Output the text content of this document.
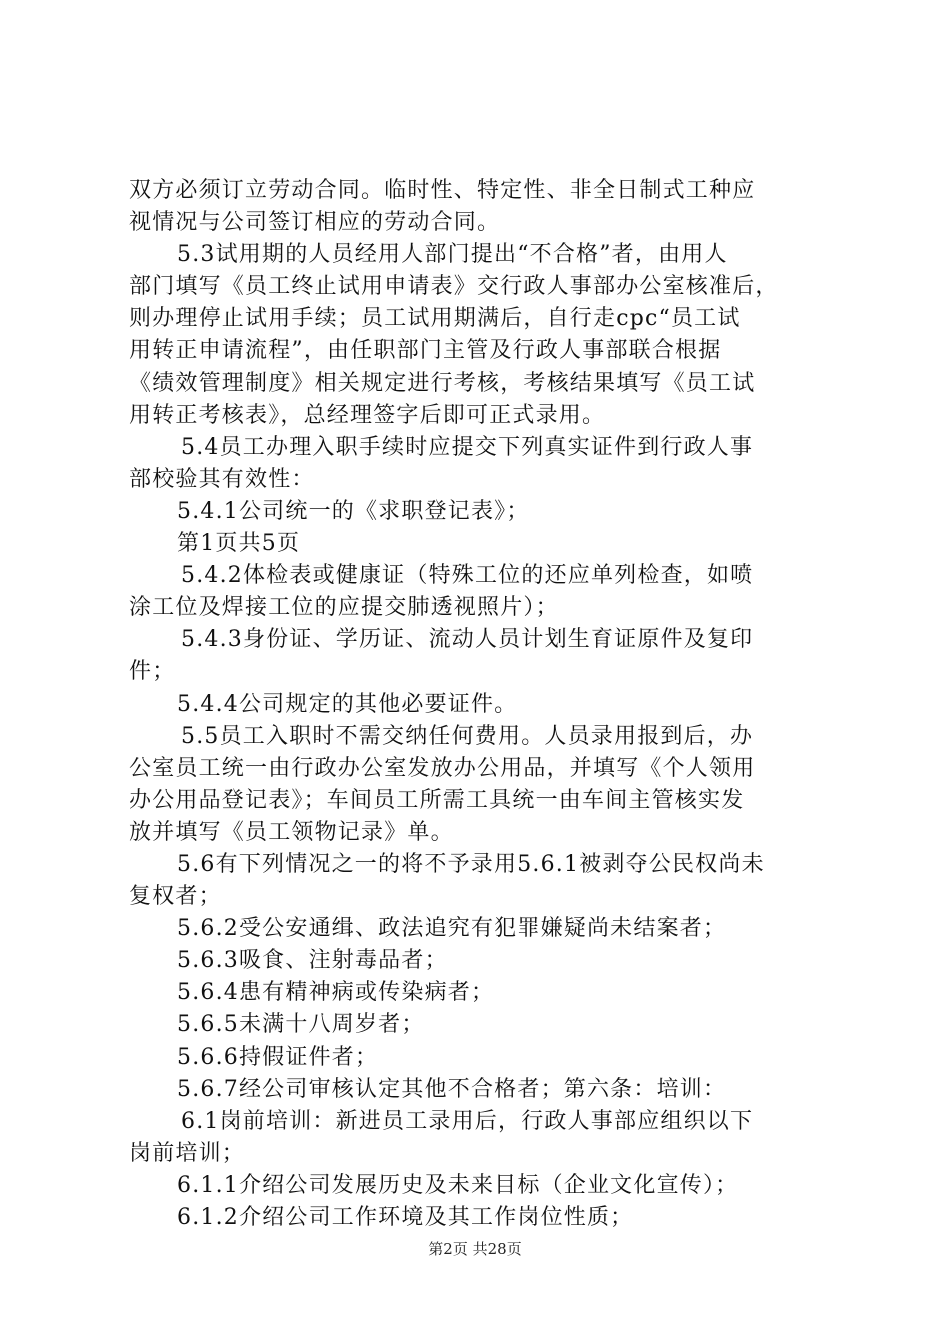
双方必须订立劳动合同。临时性、特定性、非全日制式工种应
视情况与公司签订相应的劳动合同。
5.3试用期的人员经用人部门提出“不合格”者，由用人
部门填写《员工终止试用申请表》交行政人事部办公室核准后，
则办理停止试用手续；员工试用期满后，自行走cpc“员工试
用转正申请流程”，由任职部门主管及行政人事部联合根据
《绩效管理制度》相关规定进行考核，考核结果填写《员工试
用转正考核表》，总经理签字后即可正式录用。
5.4员工办理入职手续时应提交下列真实证件到行政人事
部校验其有效性：
5.4.1公司统一的《求职登记表》；
第1页共5页
5.4.2体检表或健康证（特殊工位的还应单列检查，如喷
涂工位及焊接工位的应提交肺透视照片）；
5.4.3身份证、学历证、流动人员计划生育证原件及复印
件；
5.4.4公司规定的其他必要证件。
5.5员工入职时不需交纳任何费用。人员录用报到后，办
公室员工统一由行政办公室发放办公用品，并填写《个人领用
办公用品登记表》；车间员工所需工具统一由车间主管核实发
放并填写《员工领物记录》单。
5.6有下列情况之一的将不予录用5.6.1被剥夺公民权尚未
复权者；
5.6.2受公安通缉、政法追究有犯罪嫌疑尚未结案者；
5.6.3吸食、注射毒品者；
5.6.4患有精神病或传染病者；
5.6.5未满十八周岁者；
5.6.6持假证件者；
5.6.7经公司审核认定其他不合格者；第六条：培训：
6.1岗前培训：新进员工录用后，行政人事部应组织以下
岗前培训；
6.1.1介绍公司发展历史及未来目标（企业文化宣传）；
6.1.2介绍公司工作环境及其工作岗位性质；
第2页 共28页
